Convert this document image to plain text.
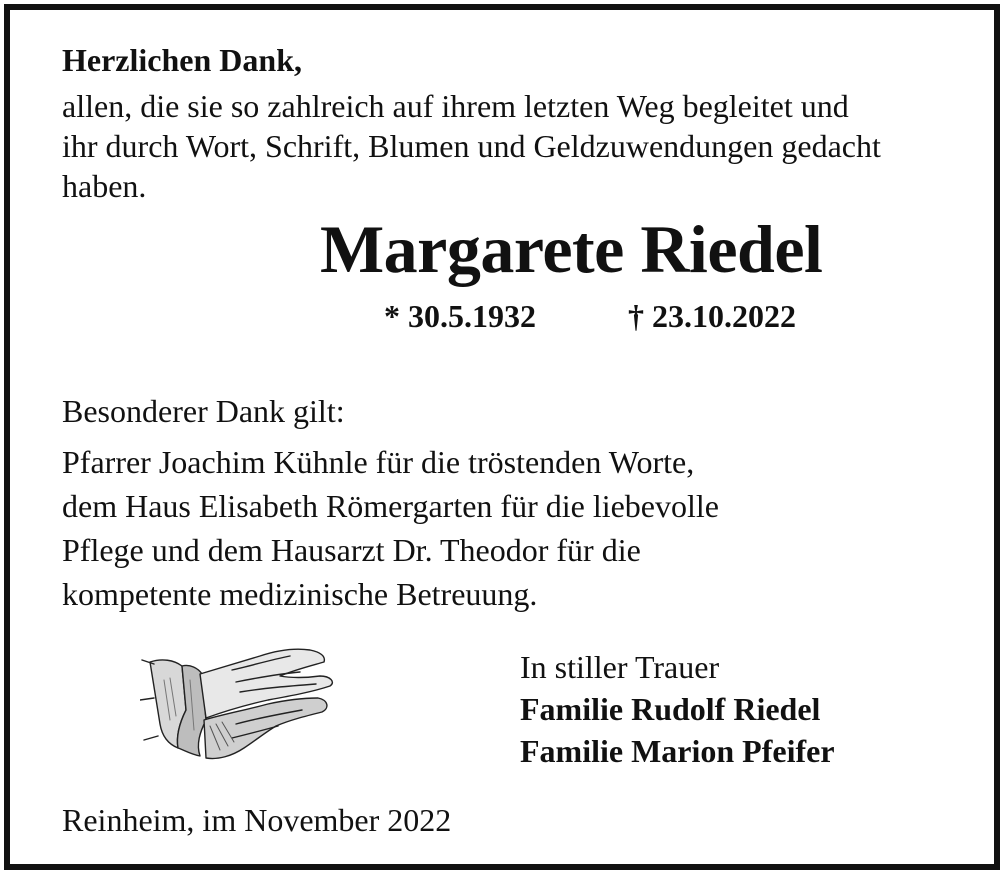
Herzlichen Dank,
allen, die sie so zahlreich auf ihrem letzten Weg begleitet und
ihr durch Wort, Schrift, Blumen und Geldzuwendungen gedacht
haben.
Margarete Riedel
* 30.5.1932	† 23.10.2022
Besonderer Dank gilt:
Pfarrer Joachim Kühnle für die tröstenden Worte,
dem Haus Elisabeth Römergarten für die liebevolle
Pflege und dem Hausarzt Dr. Theodor für die
kompetente medizinische Betreuung.
In stiller Trauer
Familie Rudolf Riedel
Familie Marion Pfeifer
Reinheim, im November 2022
